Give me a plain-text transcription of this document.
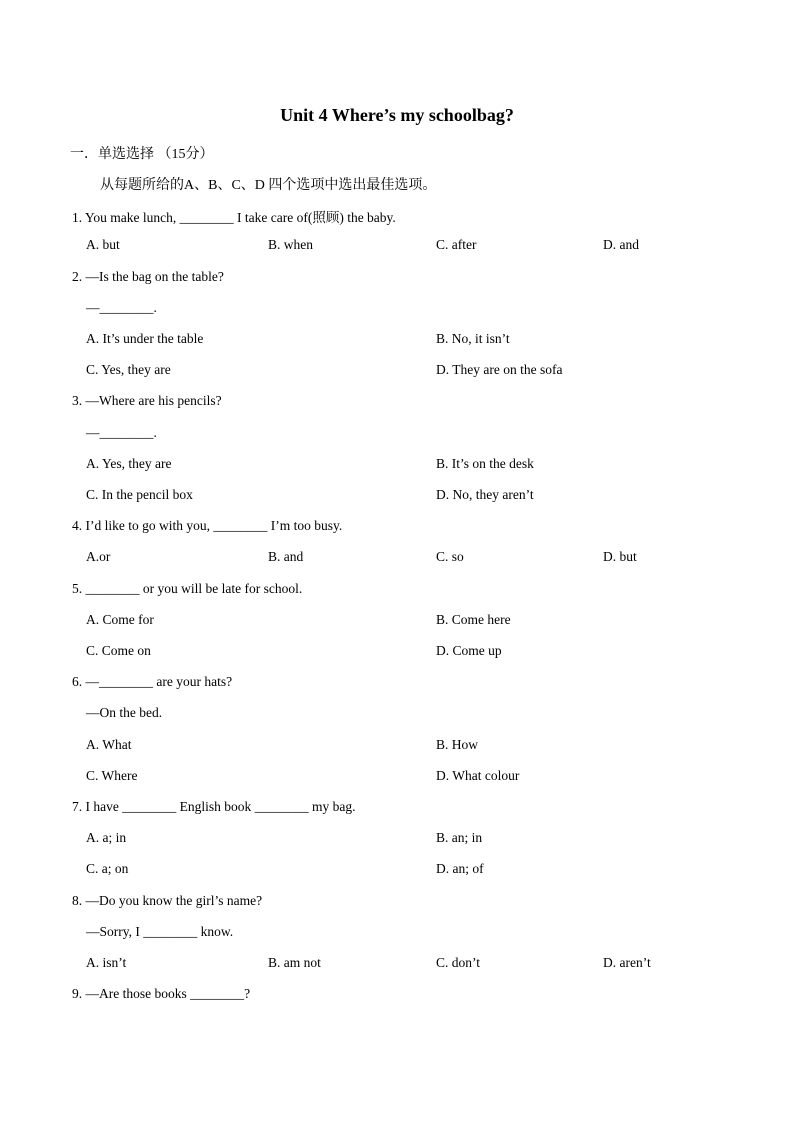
Unit 4 Where’s my schoolbag?
一．单选选择 （15分）
从每题所给的A、B、C、D 四个选项中选出最佳选项。
1. You make lunch, ________ I take care of(照顾) the baby.
A. but	B. when	C. after	D. and
2. —Is the bag on the table?
—________.
A. It’s under the table	B. No, it isn’t
C. Yes, they are	D. They are on the sofa
3. —Where are his pencils?
—________.
A. Yes, they are	B. It’s on the desk
C. In the pencil box	D. No, they aren’t
4. I’d like to go with you, ________ I’m too busy.
A.or	B. and	C. so	D. but
5. ________ or you will be late for school.
A. Come for	B. Come here
C. Come on	D. Come up
6. —________ are your hats?
—On the bed.
A. What	B. How
C. Where	D. What colour
7. I have ________ English book ________ my bag.
A. a; in	B. an; in
C. a; on	D. an; of
8. —Do you know the girl’s name?
—Sorry, I ________ know.
A. isn’t	B. am not	C. don’t	D. aren’t
9. —Are those books ________?
